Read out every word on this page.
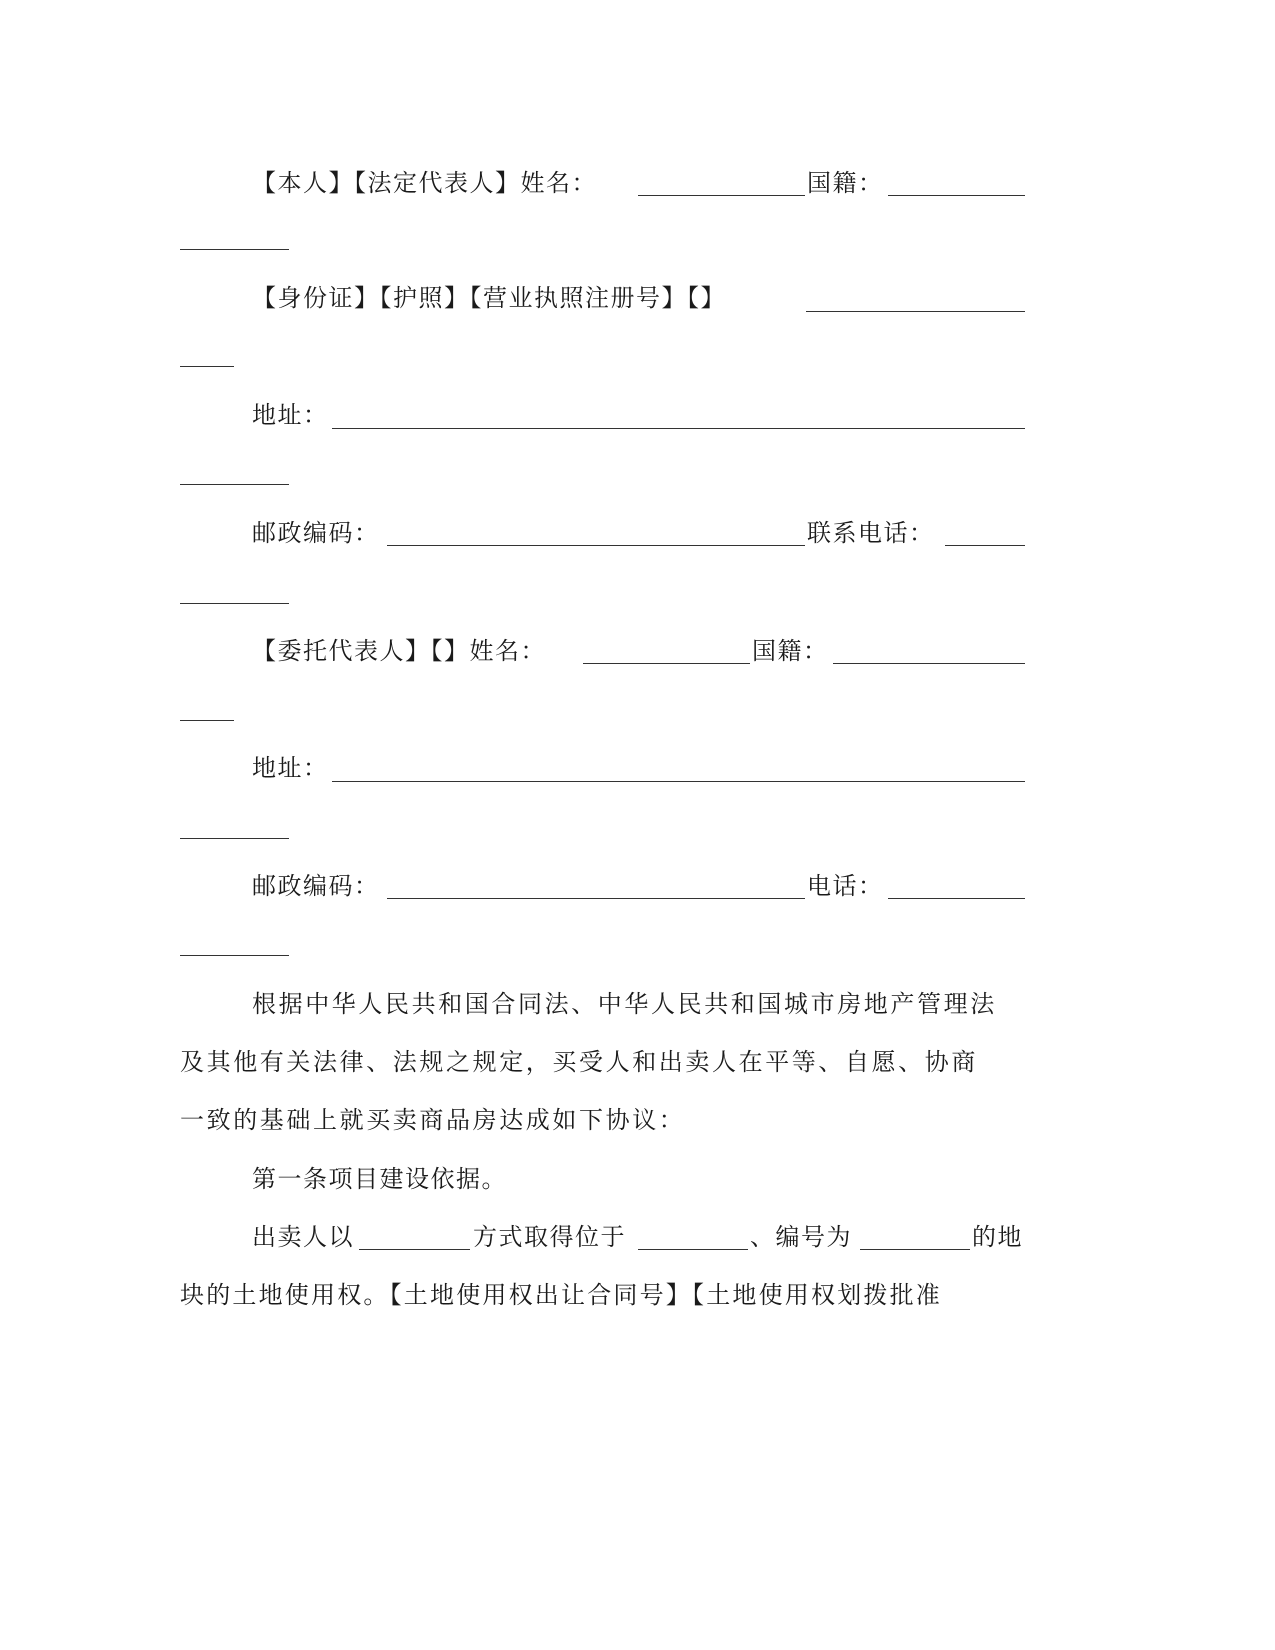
【本人】【法定代表人】姓名：	国籍：
【身份证】【护照】【营业执照注册号】【】
地址：
邮政编码：	联系电话：
【委托代表人】【】姓名：	国籍：
地址：
邮政编码：	电话：
根据中华人民共和国合同法、中华人民共和国城市房地产管理法
及其他有关法律、法规之规定，买受人和出卖人在平等、自愿、协商
一致的基础上就买卖商品房达成如下协议：
第一条项目建设依据。
出卖人以	方式取得位于	、编号为	的地
块的土地使用权。【土地使用权出让合同号】【土地使用权划拨批准
